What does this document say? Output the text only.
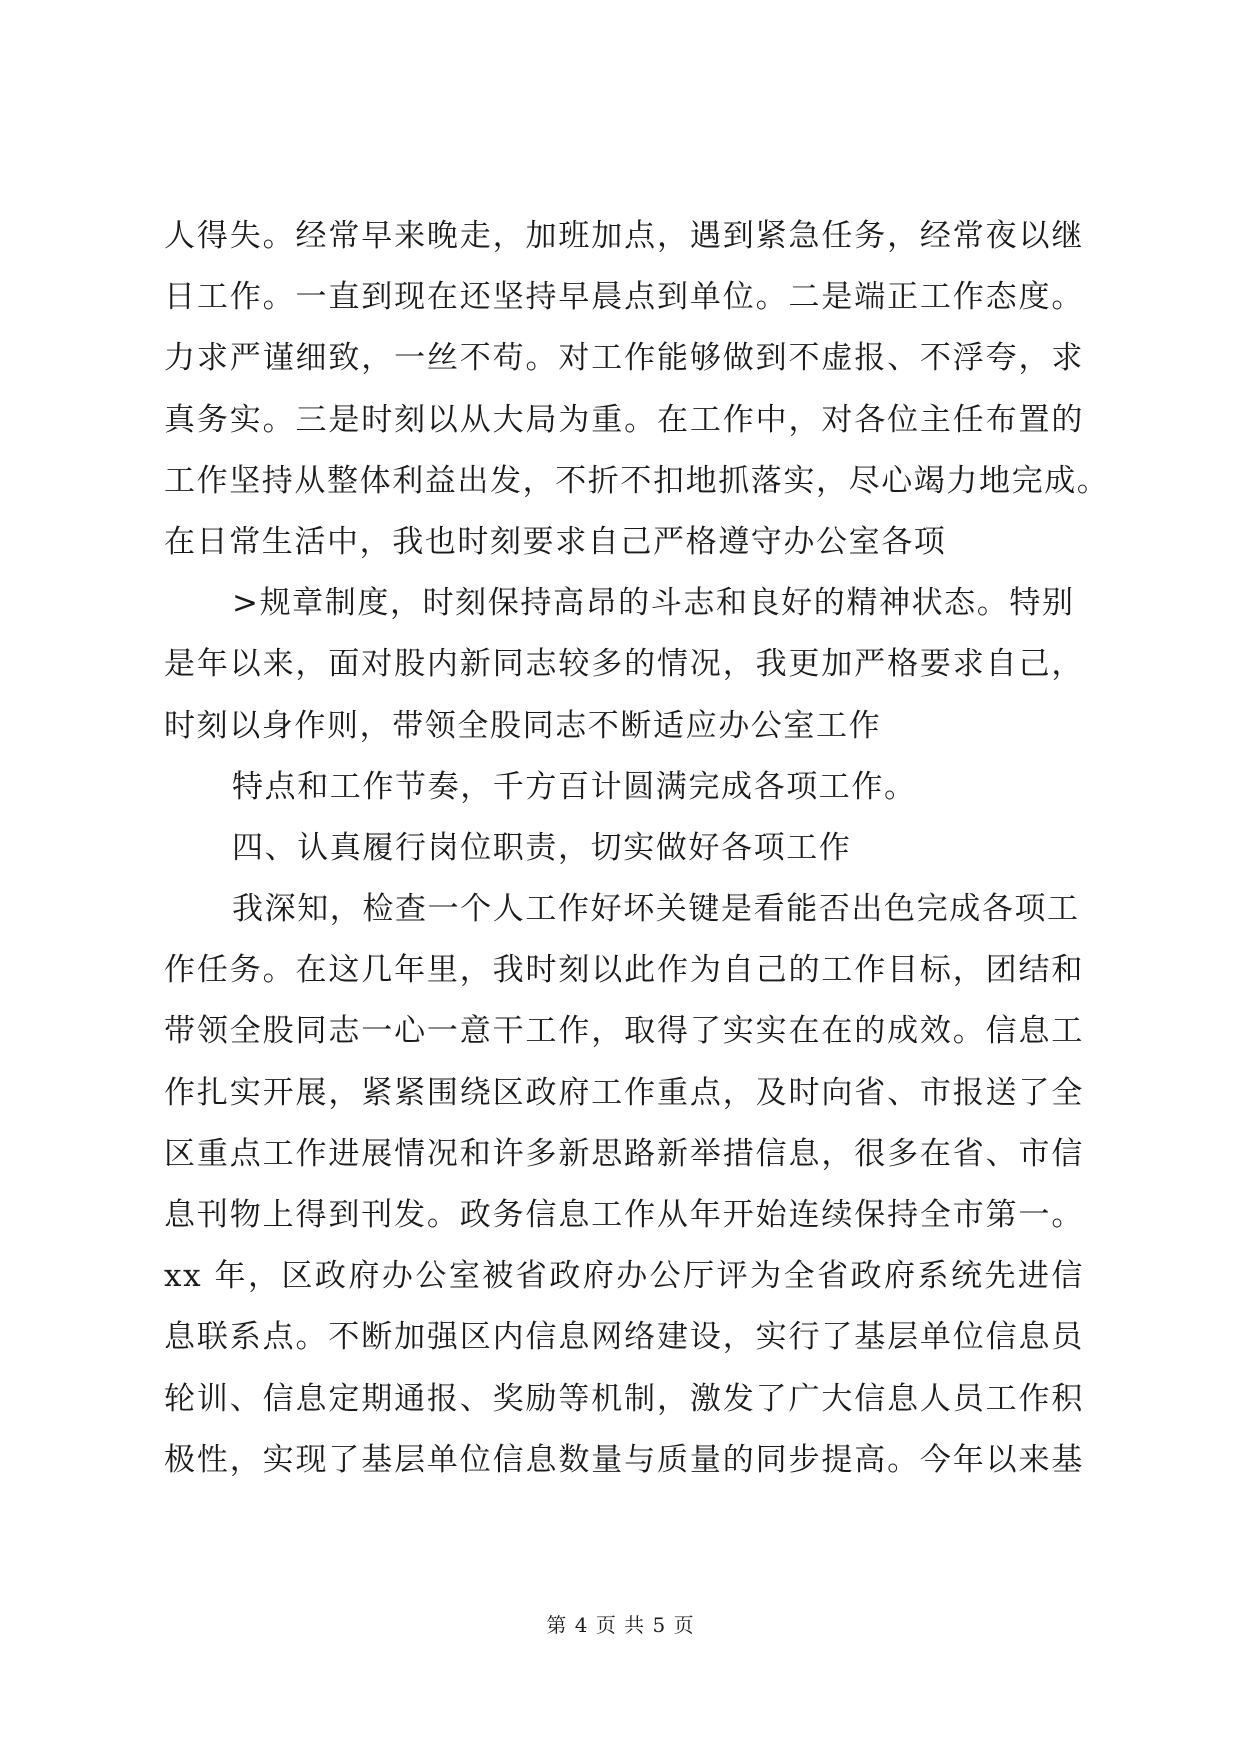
人得失。经常早来晚走，加班加点，遇到紧急任务，经常夜以继
日工作。一直到现在还坚持早晨点到单位。二是端正工作态度。
力求严谨细致，一丝不苟。对工作能够做到不虚报、不浮夸，求
真务实。三是时刻以从大局为重。在工作中，对各位主任布置的
工作坚持从整体利益出发，不折不扣地抓落实，尽心竭力地完成。
在日常生活中，我也时刻要求自己严格遵守办公室各项
>规章制度，时刻保持高昂的斗志和良好的精神状态。特别
是年以来，面对股内新同志较多的情况，我更加严格要求自己，
时刻以身作则，带领全股同志不断适应办公室工作
特点和工作节奏，千方百计圆满完成各项工作。
四、认真履行岗位职责，切实做好各项工作
我深知，检查一个人工作好坏关键是看能否出色完成各项工
作任务。在这几年里，我时刻以此作为自己的工作目标，团结和
带领全股同志一心一意干工作，取得了实实在在的成效。信息工
作扎实开展，紧紧围绕区政府工作重点，及时向省、市报送了全
区重点工作进展情况和许多新思路新举措信息，很多在省、市信
息刊物上得到刊发。政务信息工作从年开始连续保持全市第一。
xx 年，区政府办公室被省政府办公厅评为全省政府系统先进信
息联系点。不断加强区内信息网络建设，实行了基层单位信息员
轮训、信息定期通报、奖励等机制，激发了广大信息人员工作积
极性，实现了基层单位信息数量与质量的同步提高。今年以来基
第 4 页 共 5 页
